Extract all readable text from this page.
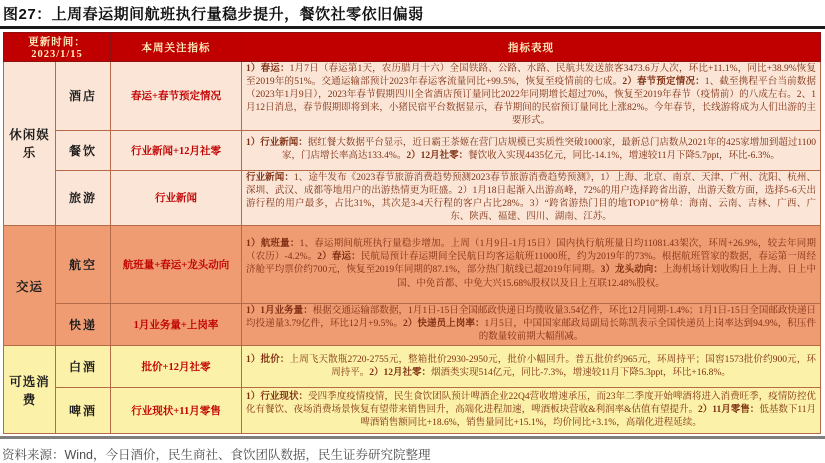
图27：上周春运期间航班执行量稳步提升，餐饮社零依旧偏弱
更新时间：2023/1/15		本周关注指标	指标表现
休闲娱乐	酒店	春运+春节预定情况	1）春运：1月7日（春运第1天，农历腊月十六）全国铁路、公路、水路、民航共发送旅客3473.6万人次，环比+11.1%，同比+38.9%恢复至2019年的51%。交通运输部预计2023年春运客流量同比+99.5%，恢复至疫情前的七成。2）春节预定情况：1、截至携程平台当前数据（2023年1月9日），2023年春节假期四川全省酒店预订量同比2022年同期增长超过70%，恢复至2019年春节（疫情前）的八成左右。2、1月12日消息，春节假期即将到来，小猪民宿平台数据显示，春节期间的民宿预订量同比上涨82%。今年春节，长线游将成为人们出游的主要形式。
	餐饮	行业新闻+12月社零	1）行业新闻：据红餐大数据平台显示，近日霸王茶姬在营门店规模已实质性突破1000家，最新总门店数从2021年的425家增加到超过1100家，门店增长率高达133.4%。2）12月社零：餐饮收入实现4435亿元，同比-14.1%，增速较11月下降5.7ppt，环比-6.3%。
	旅游	行业新闻	行业新闻：1、途牛发布《2023春节旅游消费趋势预测2023春节旅游消费趋势预测》，1）上海、北京、南京、天津、广州、沈阳、杭州、深圳、武汉、成都等地用户的出游热情更为旺盛。2）1月18日起渐入出游高峰，72%的用户选择跨省出游，出游天数方面，选择5-6天出游行程的用户最多，占比31%，其次是3-4天行程的客户占比28%。3）“跨省游热门目的地TOP10”榜单：海南、云南、吉林、广西、广东、陕西、福建、四川、湖南、江苏。
交运	航空	航班量+春运+龙头动向	1）航班量：1、春运期间航班执行量稳步增加。上周（1月9日-1月15日）国内执行航班量日均11081.43架次，环周+26.9%，较去年同期（农历）-4.2%。2）春运：民航局预计春运期间全民航日均客运航班11000班，约为2019年的73%。根据航班管家的数据，春运第一周经济舱平均票价约700元，恢复至2019年同期的87.1%，部分热门航线已超2019年同期。3）龙头动向：上海机场计划收购日上上海、日上中国、中免首都、中免大兴15.68%股权以及日上互联12.48%股权。
	快递	1月业务量+上岗率	1）1月业务量：根据交通运输部数据，1月1日-15日全国邮政快递日均揽收量3.54亿件，环比12月同期-1.4%；1月1日-15日全国邮政快递日均投递量3.79亿件，环比12月+9.5%。2）快递员上岗率：1月5日，中国国家邮政局副局长陈凯表示全国快递员上岗率达到94.9%，积压件的数量较前期大幅削减。
可选消费	白酒	批价+12月社零	1）批价：上周飞天散瓶2720-2755元，整箱批价2930-2950元，批价小幅回升。普五批价约965元，环周持平；国窖1573批价约900元，环周持平。2）12月社零：烟酒类实现514亿元，同比-7.3%，增速较11月下降5.3ppt，环比+16.8%。
	啤酒	行业现状+11月零售	1）行业现状：受四季度疫情疫情，民生食饮团队预计啤酒企业22Q4营收增速承压，而23年二季度开始啤酒将进入消费旺季，疫情防控优化有餐饮、夜场消费场景恢复有望带来销售回升，高端化进程加速，啤酒板块营收&利润率&估值有望提升。2）11月零售：低基数下11月啤酒销售额同比+18.6%，销售量同比+15.1%，均价同比+3.1%，高端化进程延续。
资料来源：Wind，今日酒价，民生商社、食饮团队数据，民生证券研究院整理
